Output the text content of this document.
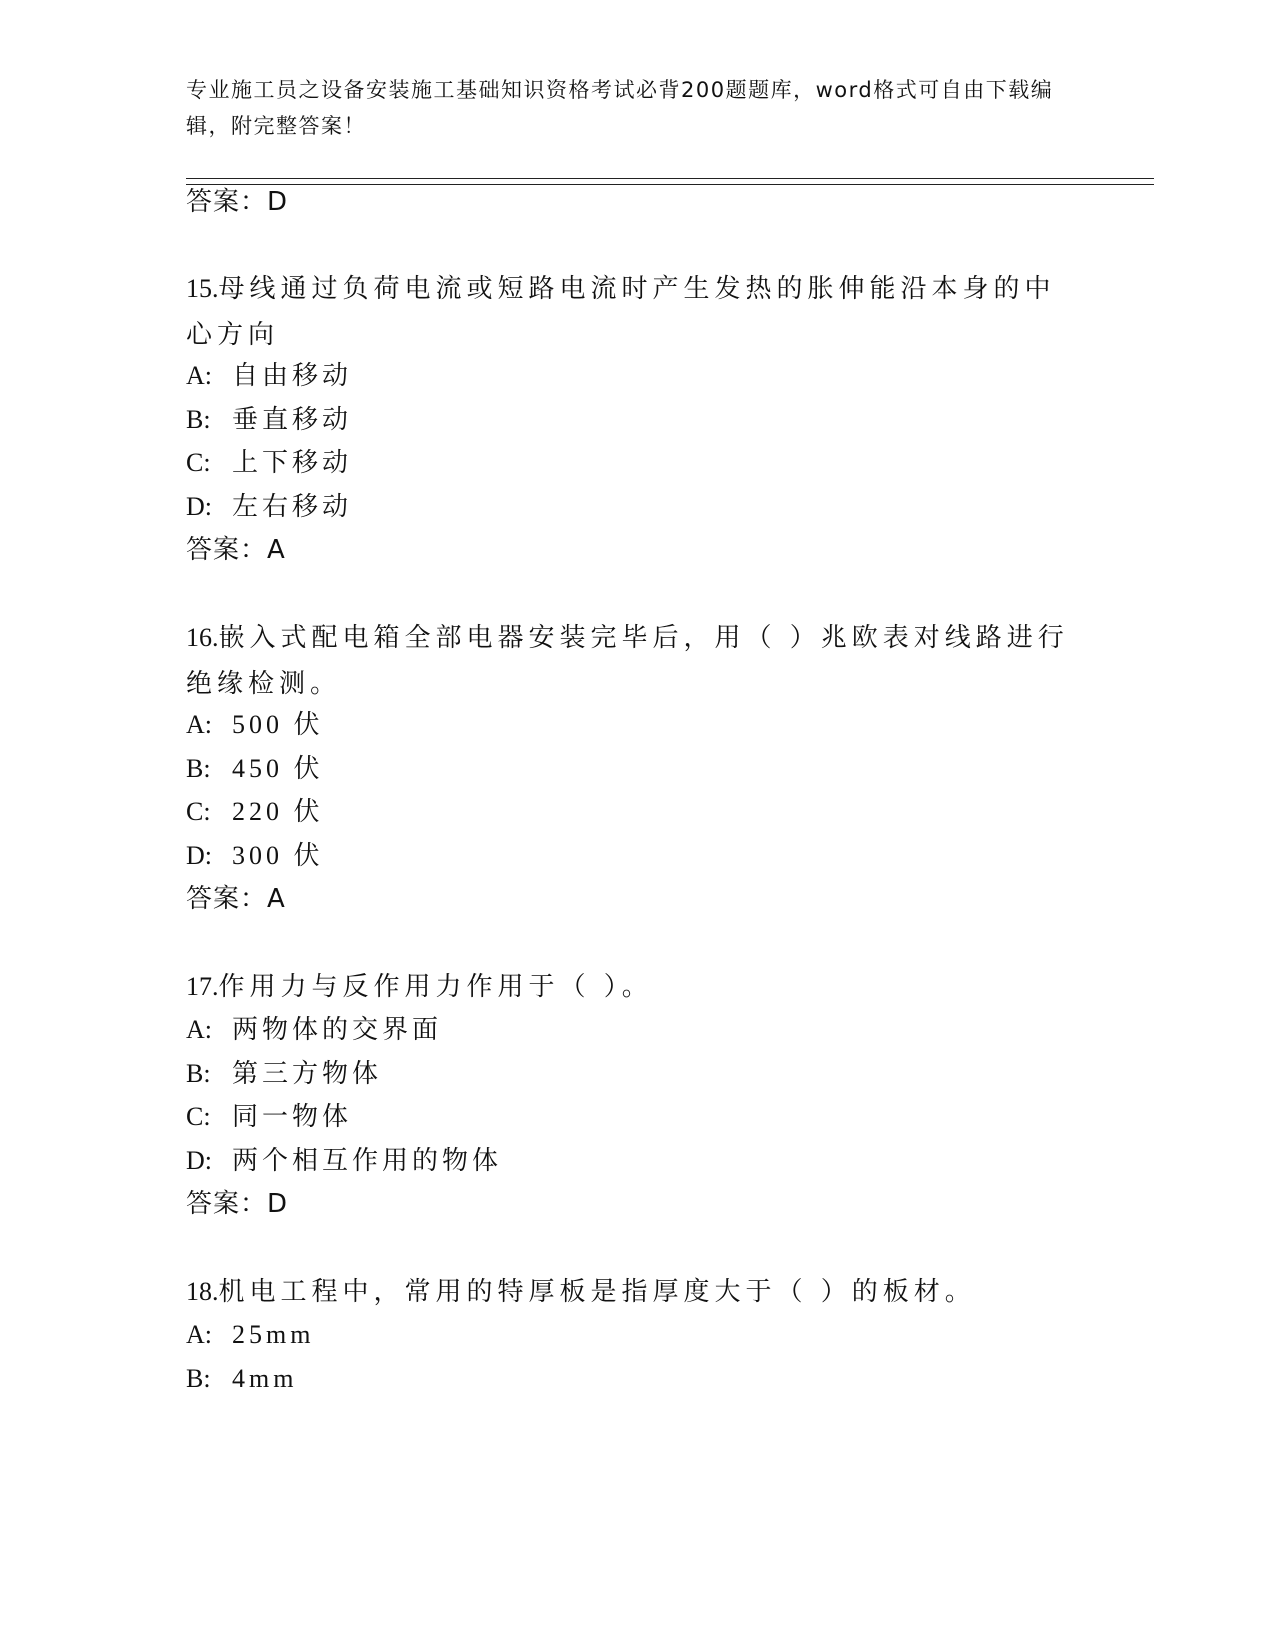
专业施工员之设备安装施工基础知识资格考试必背200题题库，word格式可自由下载编辑，附完整答案！
答案：D
15.母线通过负荷电流或短路电流时产生发热的胀伸能沿本身的中心方向
A: 自由移动
B: 垂直移动
C: 上下移动
D: 左右移动
答案：A
16.嵌入式配电箱全部电器安装完毕后，用（ ）兆欧表对线路进行绝缘检测。
A: 500 伏
B: 450 伏
C: 220 伏
D: 300 伏
答案：A
17.作用力与反作用力作用于（ ）。
A: 两物体的交界面
B: 第三方物体
C: 同一物体
D: 两个相互作用的物体
答案：D
18.机电工程中，常用的特厚板是指厚度大于（ ）的板材。
A: 25mm
B: 4mm
